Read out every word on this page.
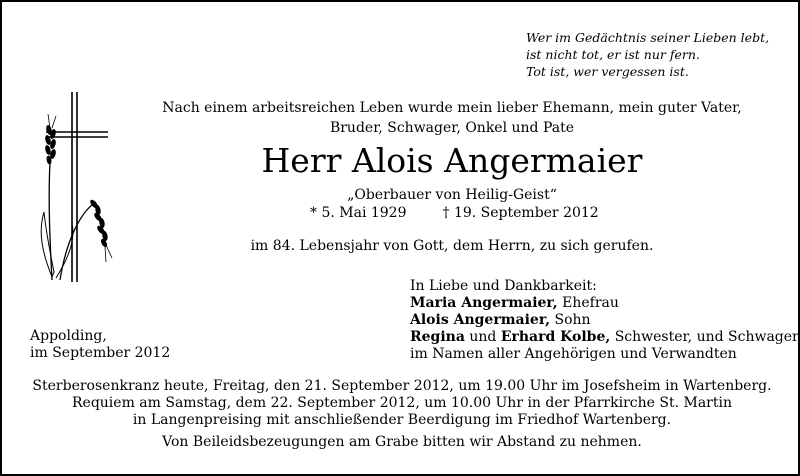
Wer im Gedächtnis seiner Lieben lebt,
ist nicht tot, er ist nur fern.
Tot ist, wer vergessen ist.
Nach einem arbeitsreichen Leben wurde mein lieber Ehemann, mein guter Vater,
Bruder, Schwager, Onkel und Pate
Herr Alois Angermaier
„Oberbauer von Heilig-Geist“
* 5. Mai 1929	† 19. September 2012
im 84. Lebensjahr von Gott, dem Herrn, zu sich gerufen.
In Liebe und Dankbarkeit:
Maria Angermaier, Ehefrau
Alois Angermaier, Sohn
Regina und Erhard Kolbe, Schwester, und Schwager
im Namen aller Angehörigen und Verwandten
Appolding,
im September 2012
Sterberosenkranz heute, Freitag, den 21. September 2012, um 19.00 Uhr im Josefsheim in Wartenberg.
Requiem am Samstag, dem 22. September 2012, um 10.00 Uhr in der Pfarrkirche St. Martin
in Langenpreising mit anschließender Beerdigung im Friedhof Wartenberg.
Von Beileidsbezeugungen am Grabe bitten wir Abstand zu nehmen.
